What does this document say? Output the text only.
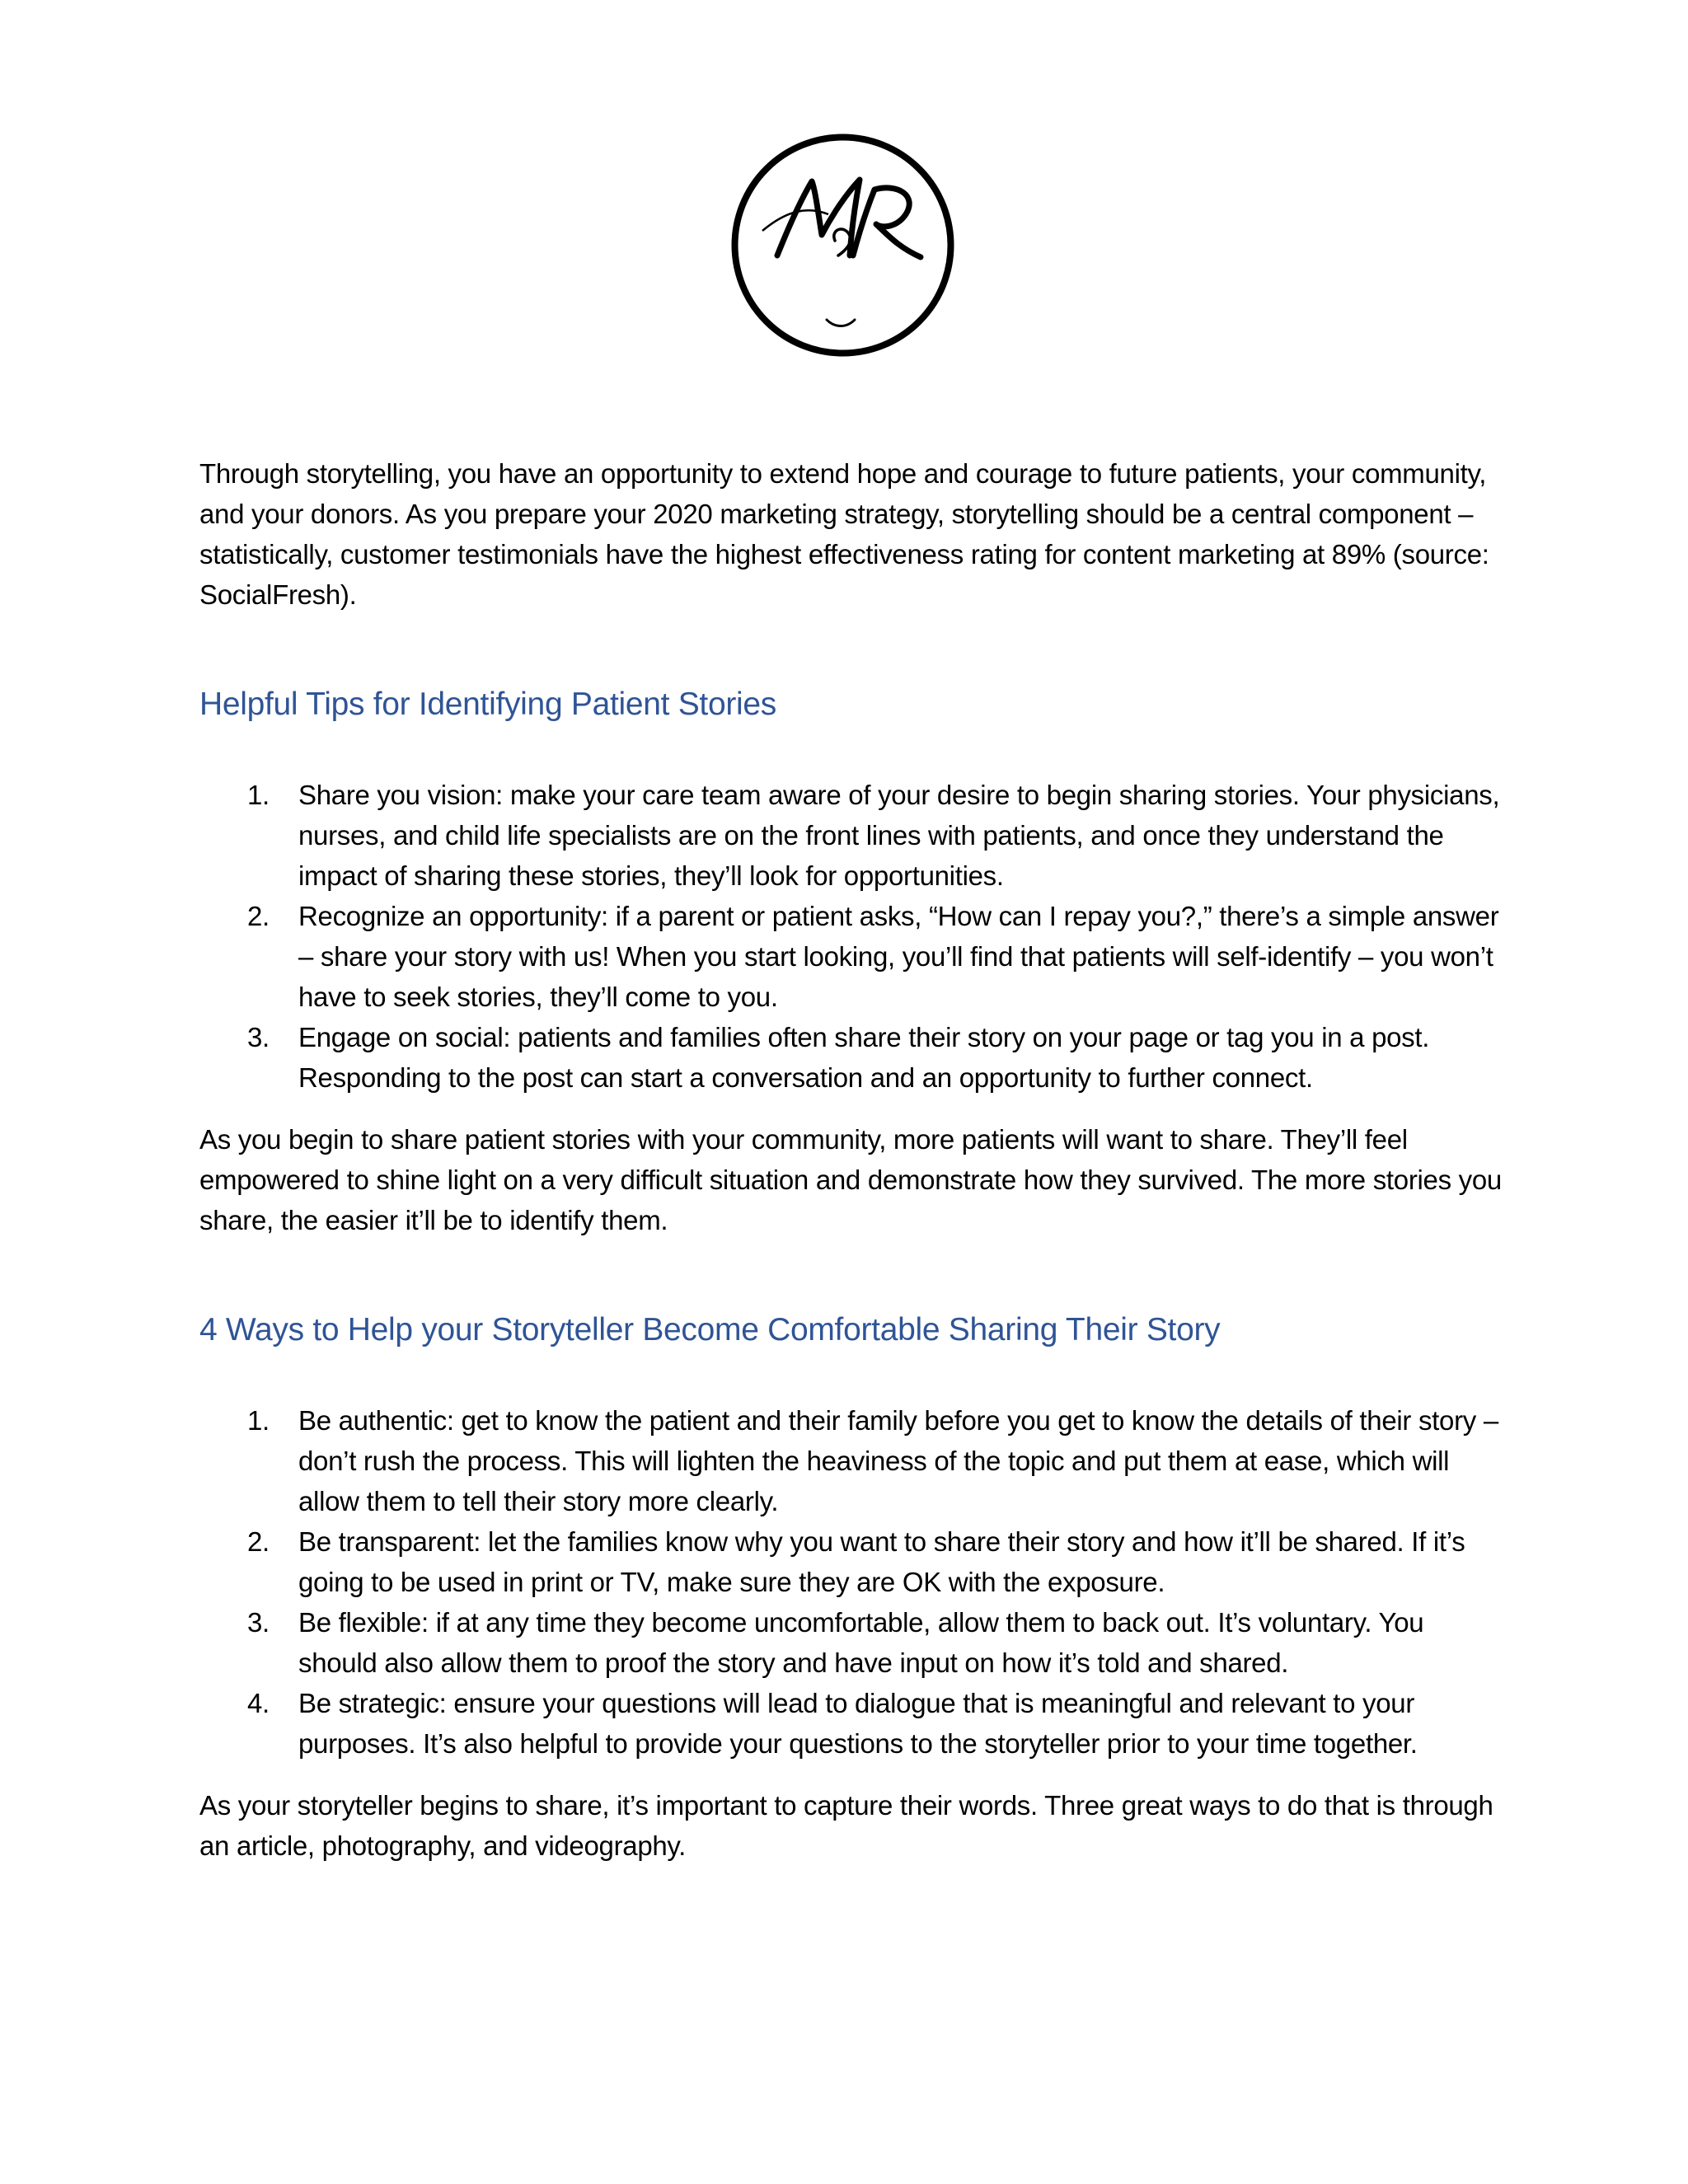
Through storytelling, you have an opportunity to extend hope and courage to future patients, your community, and your donors. As you prepare your 2020 marketing strategy, storytelling should be a central component – statistically, customer testimonials have the highest effectiveness rating for content marketing at 89% (source: SocialFresh).

Helpful Tips for Identifying Patient Stories
1. Share you vision: make your care team aware of your desire to begin sharing stories. Your physicians, nurses, and child life specialists are on the front lines with patients, and once they understand the impact of sharing these stories, they’ll look for opportunities.
2. Recognize an opportunity: if a parent or patient asks, “How can I repay you?,” there’s a simple answer – share your story with us! When you start looking, you’ll find that patients will self-identify – you won’t have to seek stories, they’ll come to you.
3. Engage on social: patients and families often share their story on your page or tag you in a post. Responding to the post can start a conversation and an opportunity to further connect.

As you begin to share patient stories with your community, more patients will want to share. They’ll feel empowered to shine light on a very difficult situation and demonstrate how they survived. The more stories you share, the easier it’ll be to identify them.

4 Ways to Help your Storyteller Become Comfortable Sharing Their Story
1. Be authentic: get to know the patient and their family before you get to know the details of their story – don’t rush the process. This will lighten the heaviness of the topic and put them at ease, which will allow them to tell their story more clearly.
2. Be transparent: let the families know why you want to share their story and how it’ll be shared. If it’s going to be used in print or TV, make sure they are OK with the exposure.
3. Be flexible: if at any time they become uncomfortable, allow them to back out. It’s voluntary. You should also allow them to proof the story and have input on how it’s told and shared.
4. Be strategic: ensure your questions will lead to dialogue that is meaningful and relevant to your purposes. It’s also helpful to provide your questions to the storyteller prior to your time together.

As your storyteller begins to share, it’s important to capture their words. Three great ways to do that is through an article, photography, and videography.
